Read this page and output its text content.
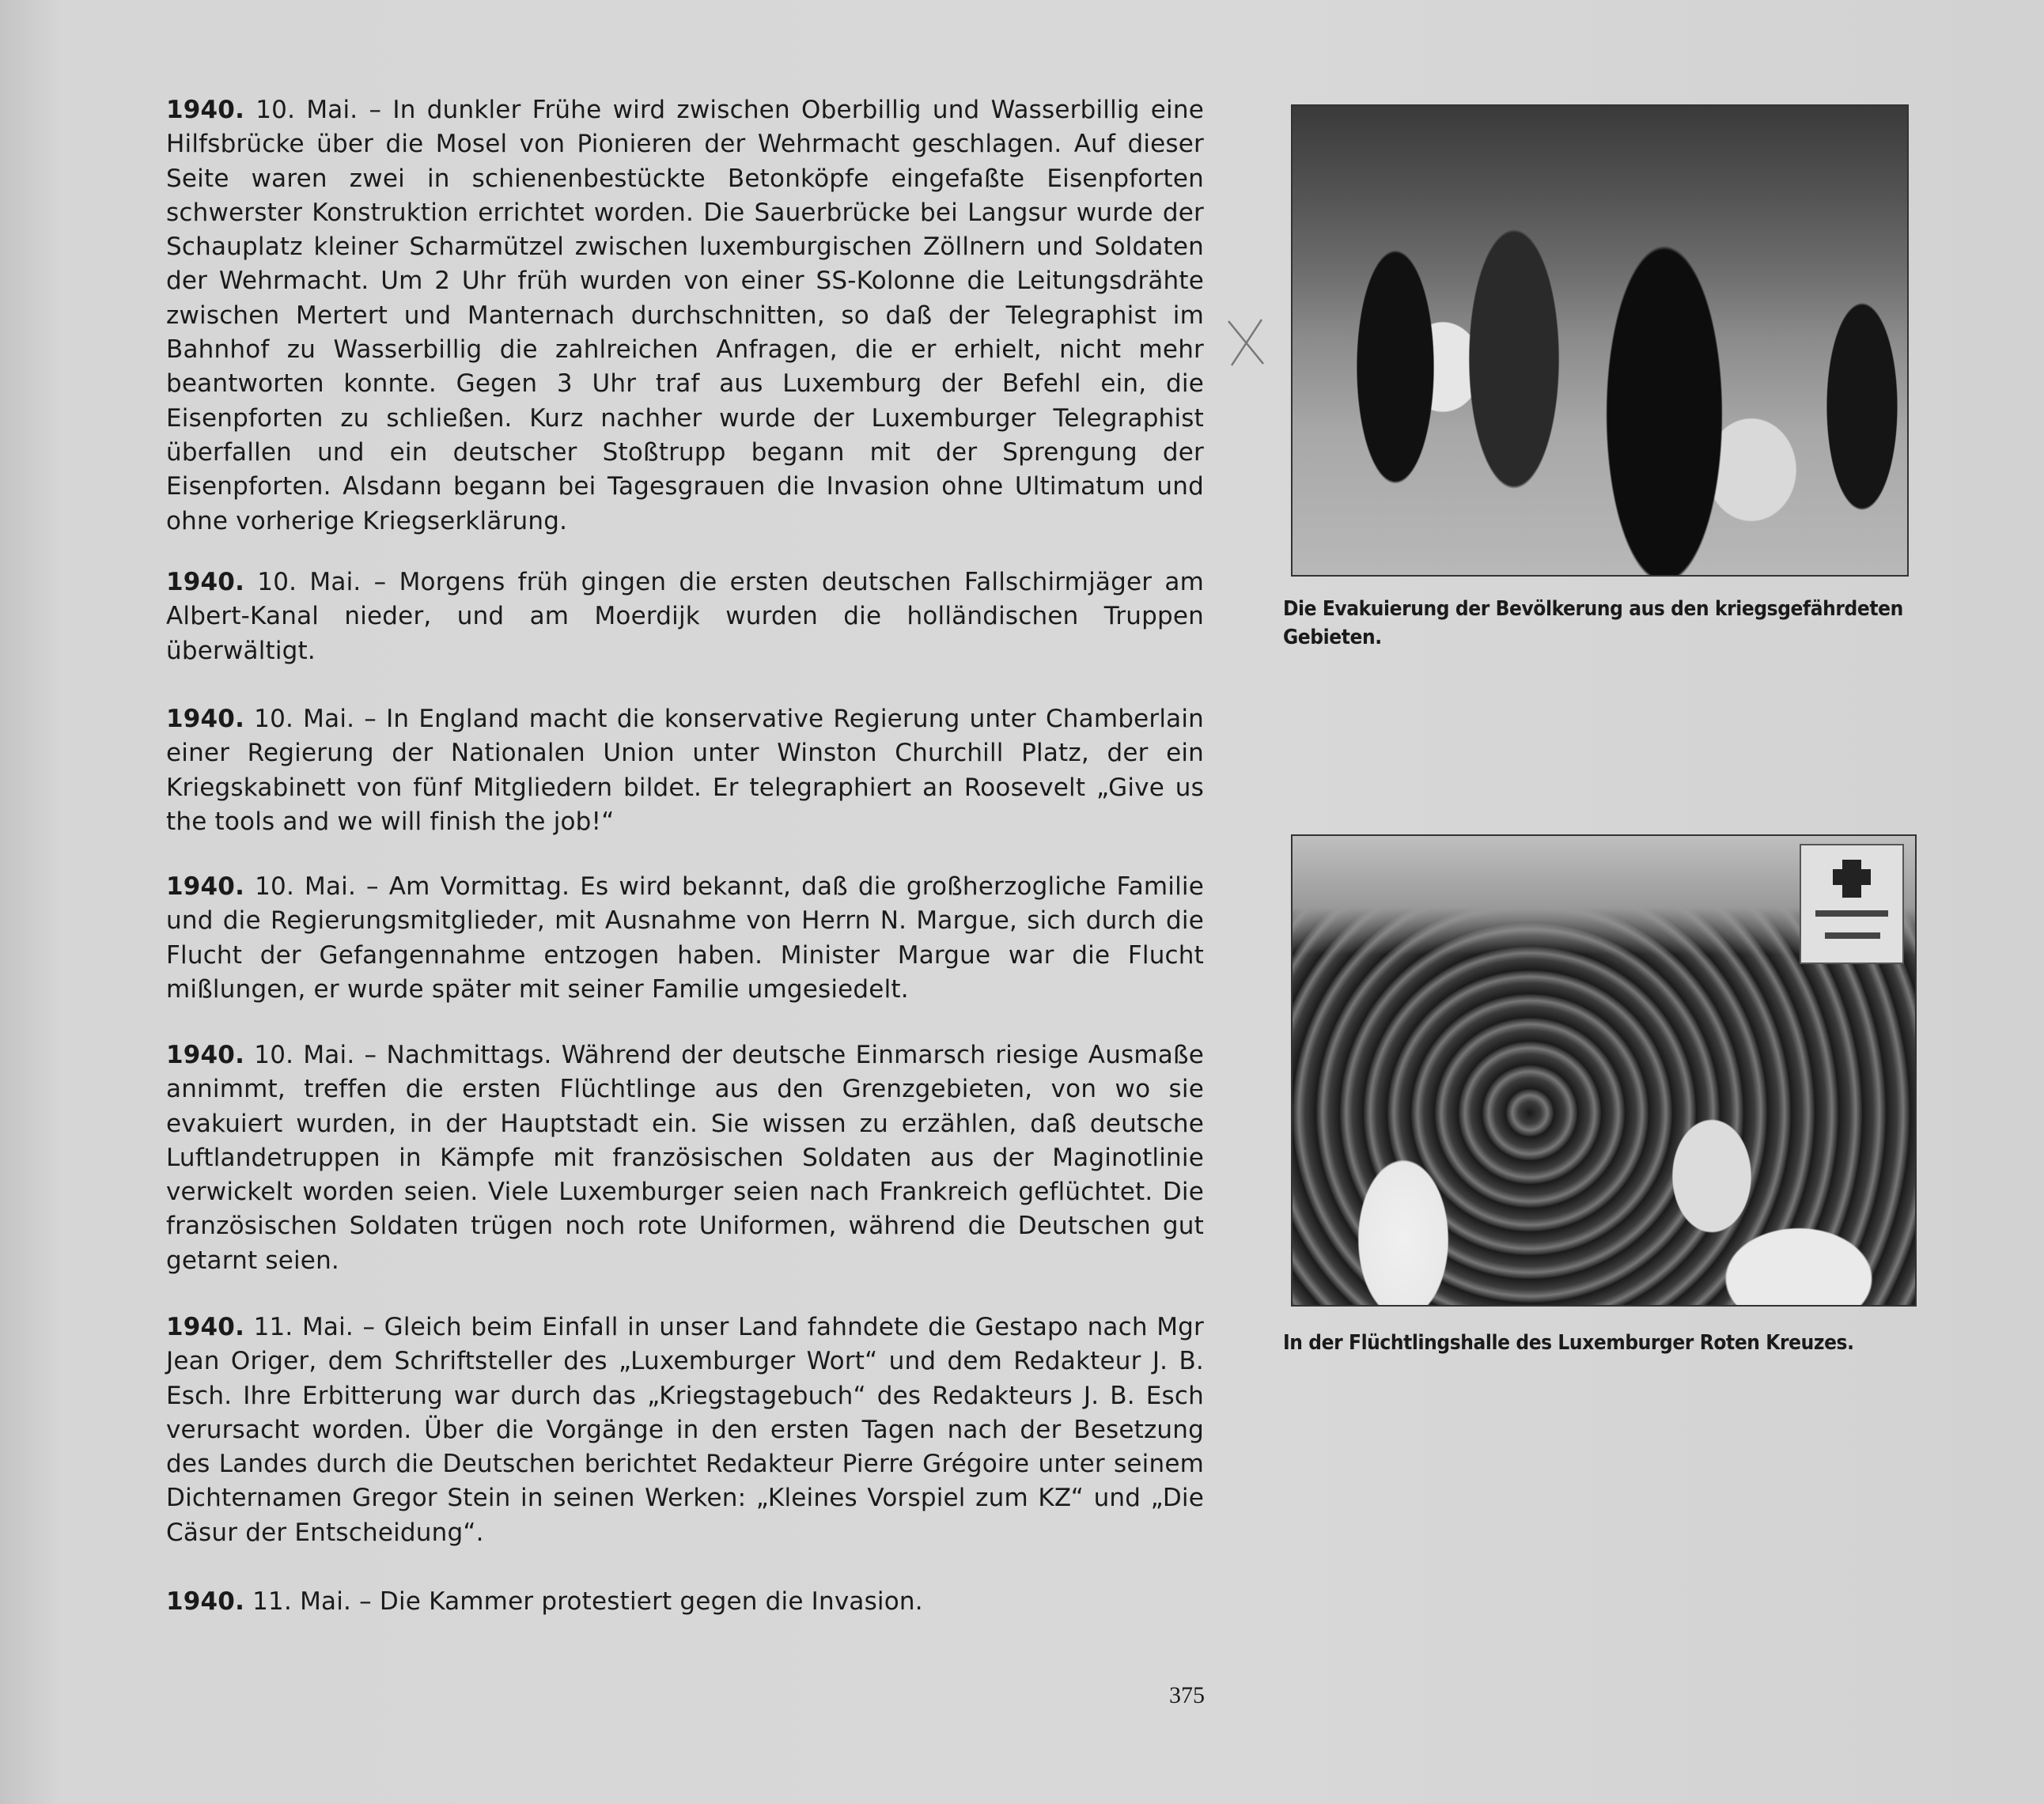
1940. 10. Mai. – In dunkler Frühe wird zwischen Oberbillig und Wasserbillig eine Hilfsbrücke über die Mosel von Pionieren der Wehrmacht geschlagen. Auf dieser Seite waren zwei in schienenbestückte Betonköpfe eingefaßte Eisenpforten schwerster Konstruktion errichtet worden. Die Sauerbrücke bei Langsur wurde der Schauplatz kleiner Scharmützel zwischen luxemburgischen Zöllnern und Soldaten der Wehrmacht. Um 2 Uhr früh wurden von einer SS-Kolonne die Leitungsdrähte zwischen Mertert und Manternach durchschnitten, so daß der Telegraphist im Bahnhof zu Wasserbillig die zahlreichen Anfragen, die er erhielt, nicht mehr beantworten konnte. Gegen 3 Uhr traf aus Luxemburg der Befehl ein, die Eisenpforten zu schließen. Kurz nachher wurde der Luxemburger Telegraphist überfallen und ein deutscher Stoßtrupp begann mit der Sprengung der Eisenpforten. Alsdann begann bei Tagesgrauen die Invasion ohne Ultimatum und ohne vorherige Kriegserklärung.

1940. 10. Mai. – Morgens früh gingen die ersten deutschen Fallschirmjäger am Albert-Kanal nieder, und am Moerdijk wurden die holländischen Truppen überwältigt.

1940. 10. Mai. – In England macht die konservative Regierung unter Chamberlain einer Regierung der Nationalen Union unter Winston Churchill Platz, der ein Kriegskabinett von fünf Mitgliedern bildet. Er telegraphiert an Roosevelt „Give us the tools and we will finish the job!“

1940. 10. Mai. – Am Vormittag. Es wird bekannt, daß die großherzogliche Familie und die Regierungsmitglieder, mit Ausnahme von Herrn N. Margue, sich durch die Flucht der Gefangennahme entzogen haben. Minister Margue war die Flucht mißlungen, er wurde später mit seiner Familie umgesiedelt.

1940. 10. Mai. – Nachmittags. Während der deutsche Einmarsch riesige Ausmaße annimmt, treffen die ersten Flüchtlinge aus den Grenzgebieten, von wo sie evakuiert wurden, in der Hauptstadt ein. Sie wissen zu erzählen, daß deutsche Luftlandetruppen in Kämpfe mit französischen Soldaten aus der Maginotlinie verwickelt worden seien. Viele Luxemburger seien nach Frankreich geflüchtet. Die französischen Soldaten trügen noch rote Uniformen, während die Deutschen gut getarnt seien.

1940. 11. Mai. – Gleich beim Einfall in unser Land fahndete die Gestapo nach Mgr Jean Origer, dem Schriftsteller des „Luxemburger Wort“ und dem Redakteur J. B. Esch. Ihre Erbitterung war durch das „Kriegstagebuch“ des Redakteurs J. B. Esch verursacht worden. Über die Vorgänge in den ersten Tagen nach der Besetzung des Landes durch die Deutschen berichtet Redakteur Pierre Grégoire unter seinem Dichternamen Gregor Stein in seinen Werken: „Kleines Vorspiel zum KZ“ und „Die Cäsur der Entscheidung“.

1940. 11. Mai. – Die Kammer protestiert gegen die Invasion.

Die Evakuierung der Bevölkerung aus den kriegsgefährdeten Gebieten.
In der Flüchtlingshalle des Luxemburger Roten Kreuzes.
375
